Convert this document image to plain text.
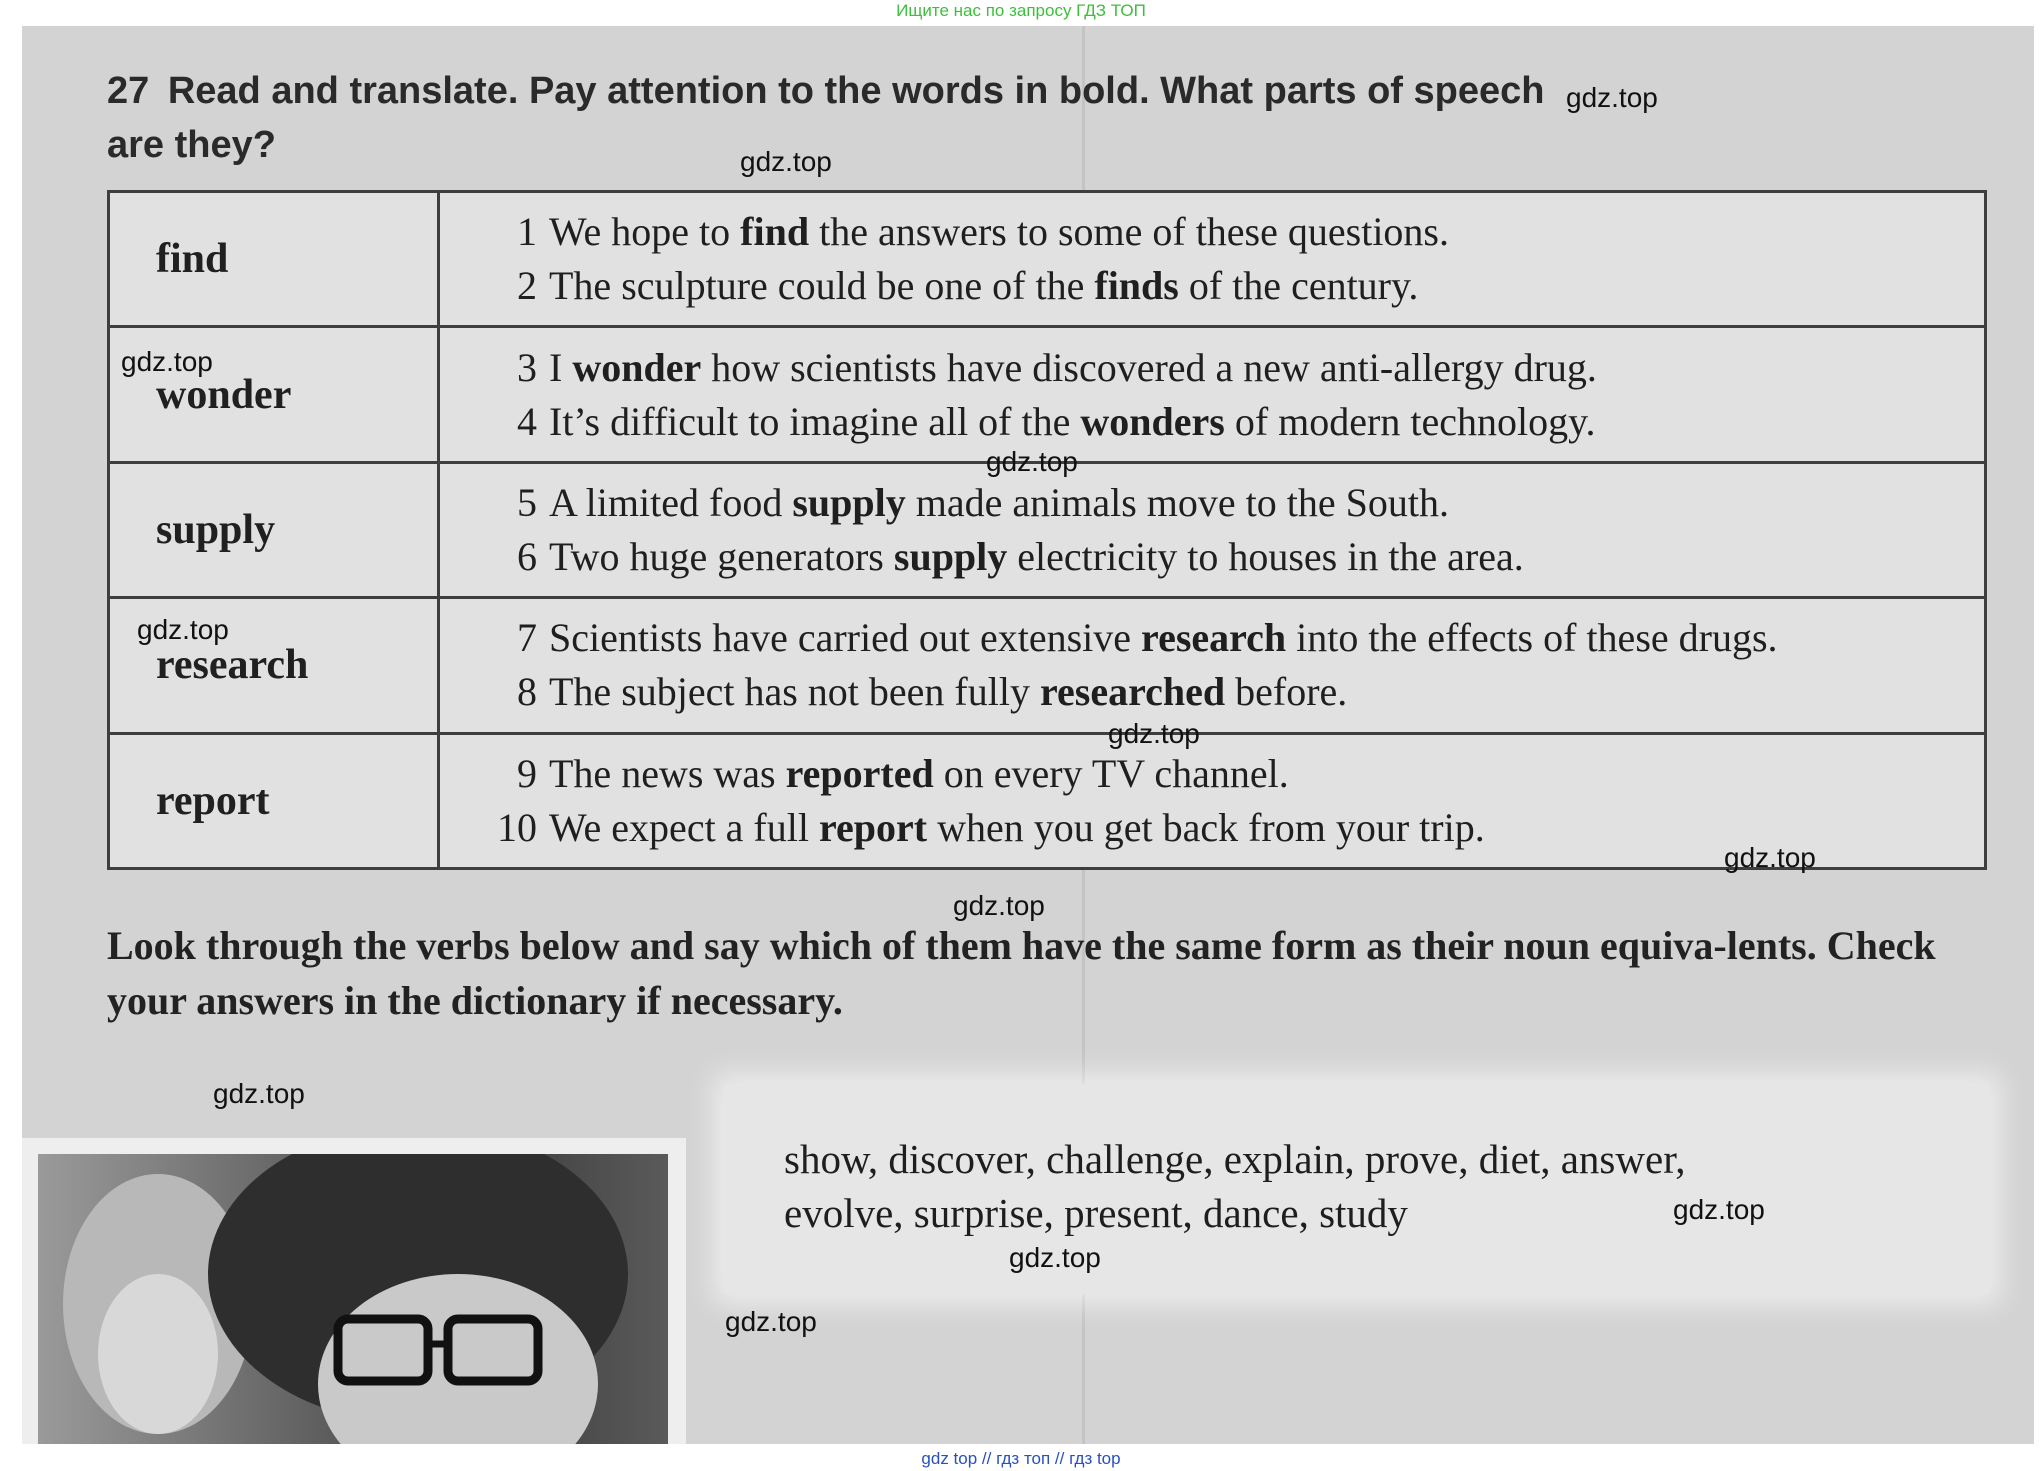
Ищите нас по запросу ГДЗ ТОП
27 Read and translate. Pay attention to the words in bold. What parts of speech are they?
find	1 We hope to find the answers to some of these questions.
2 The sculpture could be one of the finds of the century.

wonder	3 I wonder how scientists have discovered a new anti-allergy drug.
4 It’s difficult to imagine all of the wonders of modern technology.

supply	5 A limited food supply made animals move to the South.
6 Two huge generators supply electricity to houses in the area.

research	7 Scientists have carried out extensive research into the effects of these drugs.
8 The subject has not been fully researched before.

report	9 The news was reported on every TV channel.
10 We expect a full report when you get back from your trip.

Look through the verbs below and say which of them have the same form as their noun equiva-lents. Check your answers in the dictionary if necessary.

show, discover, challenge, explain, prove, diet, answer,
evolve, surprise, present, dance, study

gdz.top
gdz.top
gdz.top
gdz.top
gdz.top
gdz.top
gdz.top
gdz.top
gdz.top
gdz.top
gdz.top
gdz.top
gdz top // гдз топ // гдз top
